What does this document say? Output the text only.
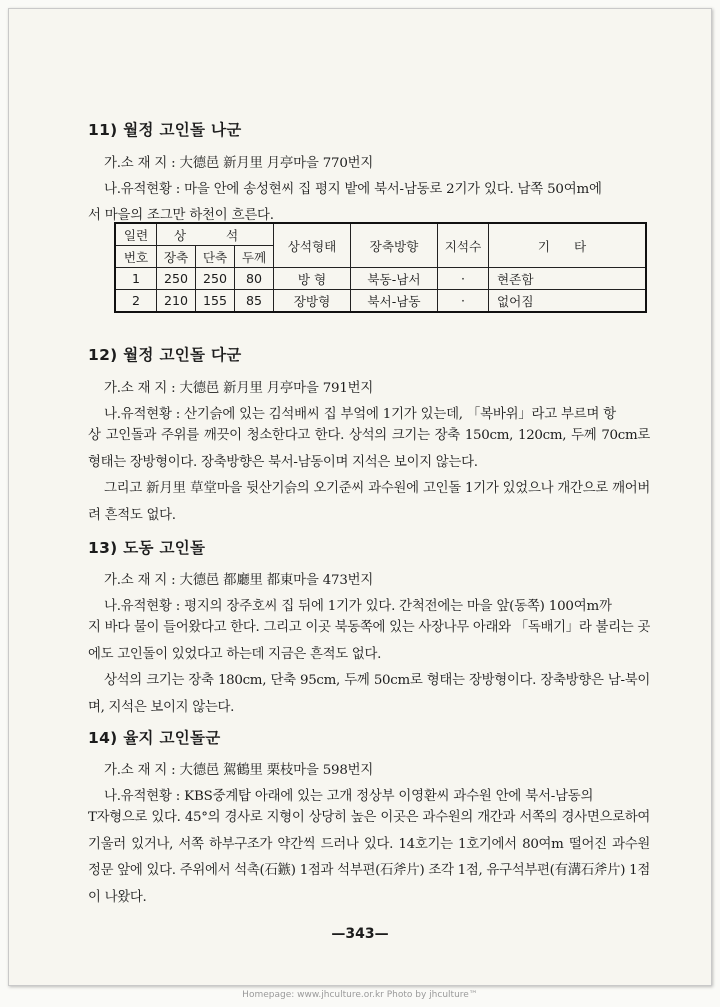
11) 월정 고인돌 나군
가.소 재 지 : 大德邑 新月里 月亭마을 770번지
나.유적현황 : 마을 안에 송성현씨 집 평지 밭에 북서-남동로 2기가 있다. 남쪽 50여m에
서 마을의 조그만 하천이 흐른다.
일련	상 석			상석형태	장축방향	지석수	기 타
번호	장축	단축	두께				
1	250	250	80	방 형	북동-남서	·	현존함
2	210	155	85	장방형	북서-남동	·	없어짐
12) 월정 고인돌 다군
가.소 재 지 : 大德邑 新月里 月亭마을 791번지
나.유적현황 : 산기슭에 있는 김석배씨 집 부엌에 1기가 있는데, 「복바위」라고 부르며 항
상 고인돌과 주위를 깨끗이 청소한다고 한다. 상석의 크기는 장축 150cm, 120cm, 두께 70cm로 형태는 장방형이다. 장축방향은 북서-남동이며 지석은 보이지 않는다.
그리고 新月里 草堂마을 뒷산기슭의 오기준씨 과수원에 고인돌 1기가 있었으나 개간으로 깨어버려 흔적도 없다.
13) 도동 고인돌
가.소 재 지 : 大德邑 都廳里 都東마을 473번지
나.유적현황 : 평지의 장주호씨 집 뒤에 1기가 있다. 간척전에는 마을 앞(동쪽) 100여m까
지 바다 물이 들어왔다고 한다. 그리고 이곳 북동쪽에 있는 사장나무 아래와 「독배기」라 불리는 곳에도 고인돌이 있었다고 하는데 지금은 흔적도 없다.
상석의 크기는 장축 180cm, 단축 95cm, 두께 50cm로 형태는 장방형이다. 장축방향은 남-북이며, 지석은 보이지 않는다.
14) 율지 고인돌군
가.소 재 지 : 大德邑 駕鶴里 栗枝마을 598번지
나.유적현황 : KBS중계탑 아래에 있는 고개 정상부 이영환씨 과수원 안에 북서-남동의
T자형으로 있다. 45°의 경사로 지형이 상당히 높은 이곳은 과수원의 개간과 서쪽의 경사면으로하여 기울러 있거나, 서쪽 하부구조가 약간씩 드러나 있다. 14호기는 1호기에서 80여m 떨어진 과수원 정문 앞에 있다. 주위에서 석촉(石鏃) 1점과 석부편(石斧片) 조각 1점, 유구석부편(有溝石斧片) 1점이 나왔다.
—343—
Homepage: www.jhculture.or.kr Photo by jhculture™
